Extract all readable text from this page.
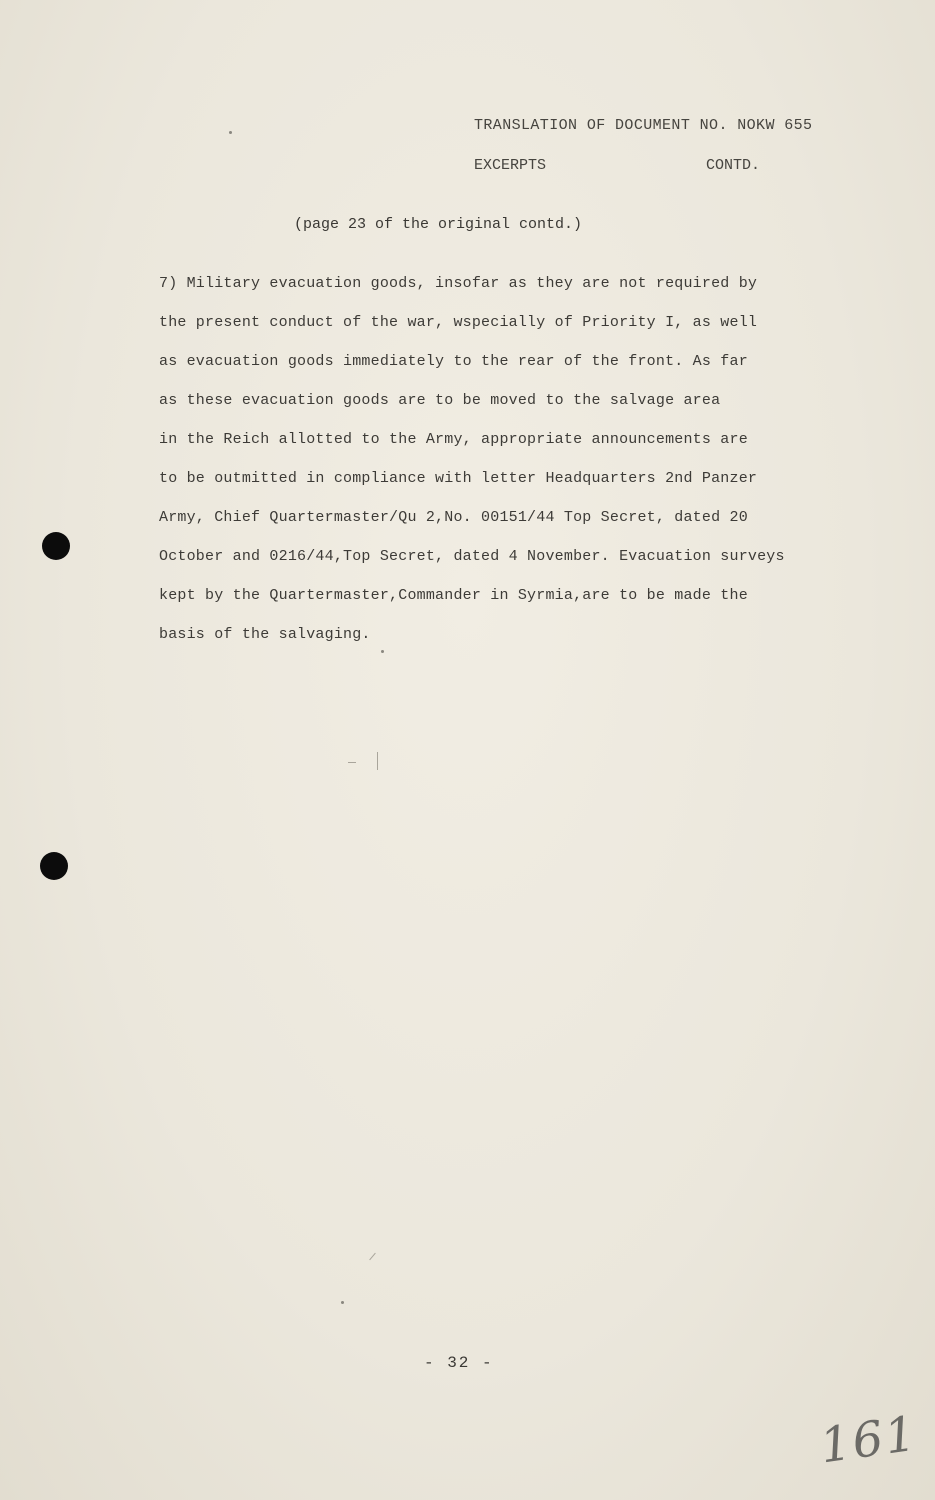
TRANSLATION OF DOCUMENT NO. NOKW 655
EXCERPTS	CONTD.
(page 23 of the original contd.)
7) Military evacuation goods, insofar as they are not required by
the present conduct of the war, wspecially of Priority I, as well
as evacuation goods immediately to the rear of the front. As far
as these evacuation goods are to be moved to the salvage area
in the Reich allotted to the Army, appropriate announcements are
to be outmitted in compliance with letter Headquarters 2nd Panzer
Army, Chief Quartermaster/Qu 2,No. 00151/44 Top Secret, dated 20
October and 0216/44,Top Secret, dated 4 November. Evacuation surveys
kept by the Quartermaster,Commander in Syrmia,are to be made the
basis of the salvaging.
- 32 -
161
